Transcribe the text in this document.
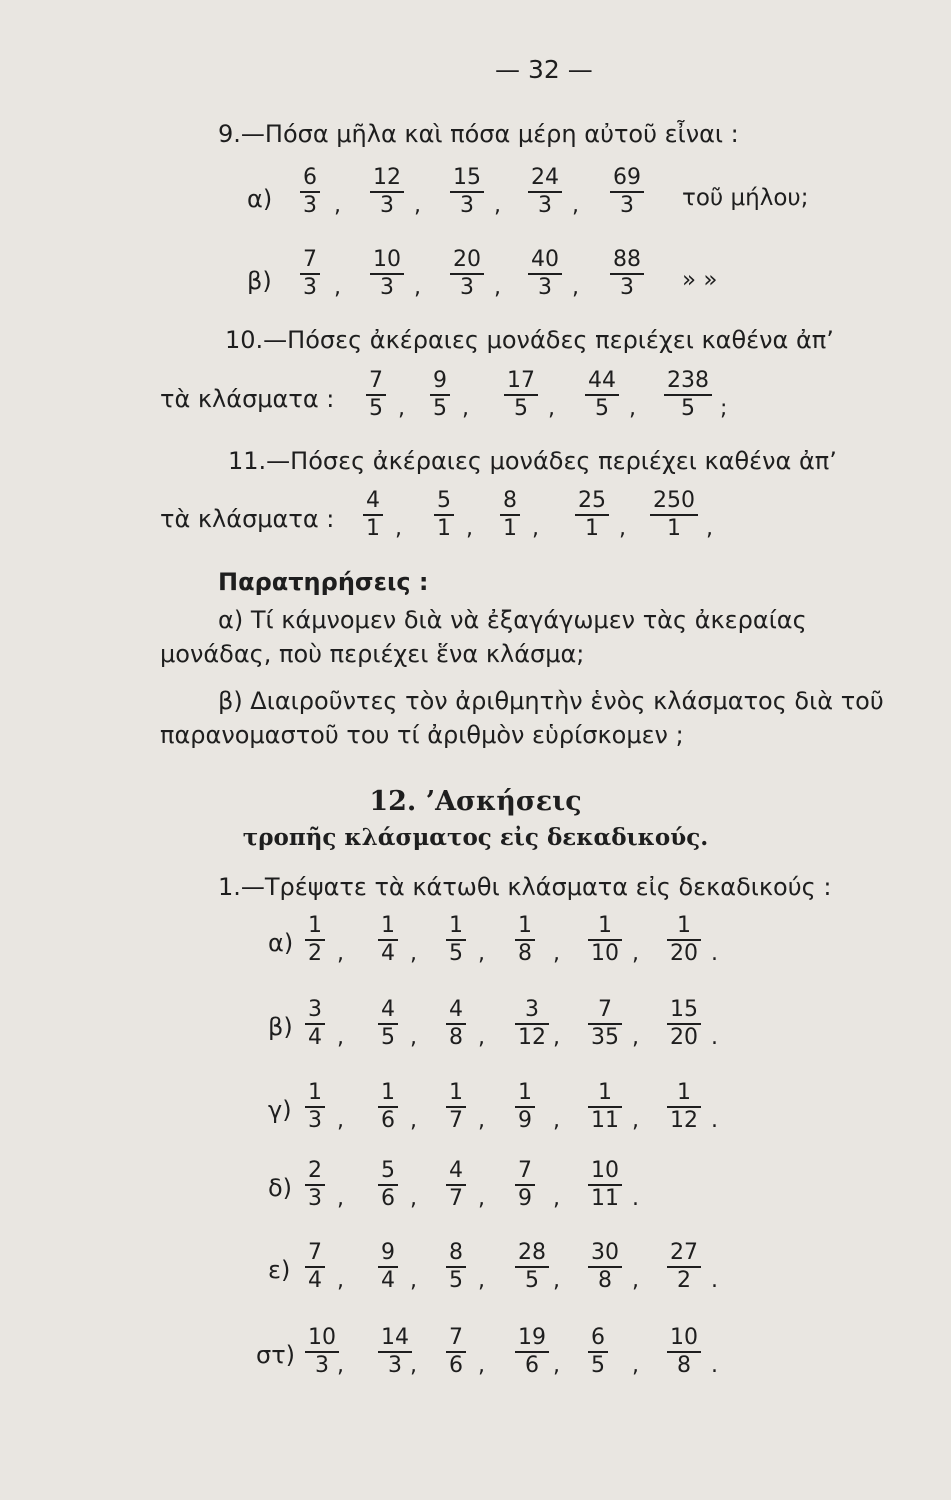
— 32 —
9.—Πόσα μῆλα καὶ πόσα μέρη αὐτοῦ εἶναι :
$\alpha) \frac{6}{3}$ , $\frac{12}{3}$ , $\frac{15}{3}$ , $\frac{24}{3}$ , $\frac{69}{3}$ τοῦ μήλου;
$\beta) \frac{7}{3}$ , $\frac{10}{3}$ , $\frac{20}{3}$ , $\frac{40}{3}$ , $\frac{88}{3}$ » »
10.—Πόσες ἀκέραιες μονάδες περιέχει καθένα ἀπ’
τὰ κλάσματα : $\frac{7}{5}$ , $\frac{9}{5}$ , $\frac{17}{5}$ , $\frac{44}{5}$ , $\frac{238}{5}$ ;
11.—Πόσες ἀκέραιες μονάδες περιέχει καθένα ἀπ’
τὰ κλάσματα : $\frac{4}{1}$ , $\frac{5}{1}$ , $\frac{8}{1}$ , $\frac{25}{1}$ , $\frac{250}{1}$ ,
Παρατηρήσεις :
α) Τί κάμνομεν διὰ νὰ ἐξαγάγωμεν τὰς ἀκεραίας μονάδας, ποὺ περιέχει ἕνα κλάσμα;
β) Διαιροῦντες τὸν ἀριθμητὴν ἑνὸς κλάσματος διὰ τοῦ παρανομαστοῦ του τί ἀριθμὸν εὑρίσκομεν ;
12. ’Ασκήσεις
τροπῆς κλάσματος εἰς δεκαδικούς.
1.—Τρέψατε τὰ κάτωθι κλάσματα εἰς δεκαδικούς :
$\alpha) \frac{1}{2}$ , $\frac{1}{4}$ , $\frac{1}{5}$ , $\frac{1}{8}$ , $\frac{1}{10}$ , $\frac{1}{20}$ .
$\beta) \frac{3}{4}$ , $\frac{4}{5}$ , $\frac{4}{8}$ , $\frac{3}{12}$ , $\frac{7}{35}$ , $\frac{15}{20}$ .
$\gamma) \frac{1}{3}$ , $\frac{1}{6}$ , $\frac{1}{7}$ , $\frac{1}{9}$ , $\frac{1}{11}$ , $\frac{1}{12}$ .
$\delta) \frac{2}{3}$ , $\frac{5}{6}$ , $\frac{4}{7}$ , $\frac{7}{9}$ , $\frac{10}{11}$ .
$\varepsilon) \frac{7}{4}$ , $\frac{9}{4}$ , $\frac{8}{5}$ , $\frac{28}{5}$ , $\frac{30}{8}$ , $\frac{27}{2}$ .
$\sigma\tau) \frac{10}{3}$
, $\frac{14}{3}$
, $\frac{7}{6}$ , $\frac{19}{6}$ , $\frac{6}{5}$ , $\frac{10}{8}$ .
